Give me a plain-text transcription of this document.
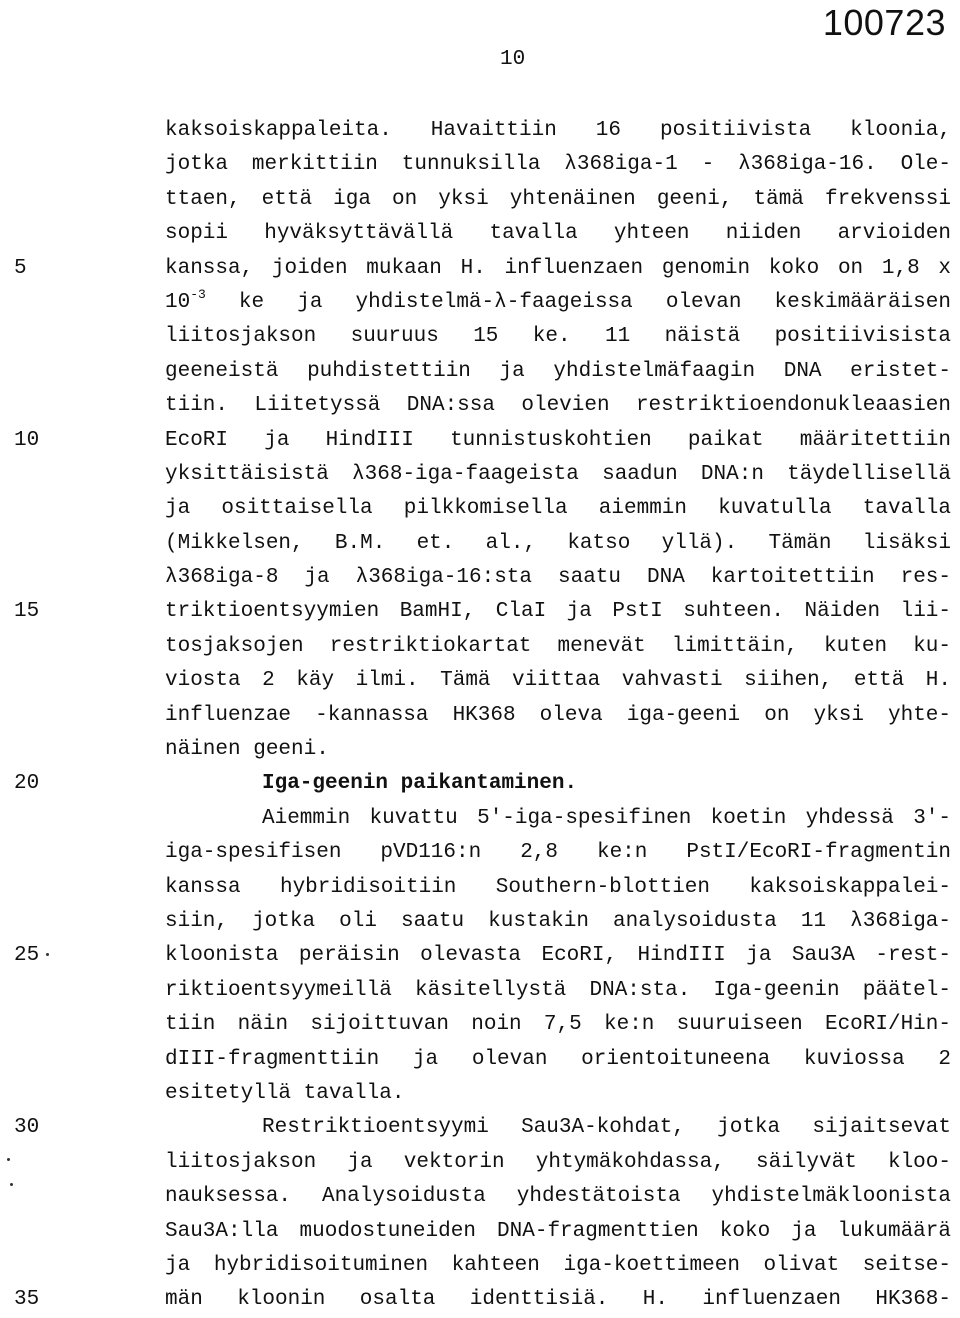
100723
10
kaksoiskappaleita. Havaittiin 16 positiivista kloonia,
jotka merkittiin tunnuksilla λ368iga-1 - λ368iga-16. Ole-
ttaen, että iga on yksi yhtenäinen geeni, tämä frekvenssi
sopii hyväksyttävällä tavalla yhteen niiden arvioiden
5	kanssa, joiden mukaan H. influenzaen genomin koko on 1,8 x
$10^{-3}$ ke ja yhdistelmä-λ-faageissa olevan keskimääräisen
liitosjakson suuruus 15 ke. 11 näistä positiivisista
geeneistä puhdistettiin ja yhdistelmäfaagin DNA eristet-
tiin. Liitetyssä DNA:ssa olevien restriktioendonukleaasien
10	EcoRI ja HindIII tunnistuskohtien paikat määritettiin
yksittäisistä λ368-iga-faageista saadun DNA:n täydellisellä
ja osittaisella pilkkomisella aiemmin kuvatulla tavalla
(Mikkelsen, B.M. et. al., katso yllä). Tämän lisäksi
λ368iga-8 ja λ368iga-16:sta saatu DNA kartoitettiin res-
15	triktioentsyymien BamHI, ClaI ja PstI suhteen. Näiden lii-
tosjaksojen restriktiokartat menevät limittäin, kuten ku-
viosta 2 käy ilmi. Tämä viittaa vahvasti siihen, että H.
influenzae -kannassa HK368 oleva iga-geeni on yksi yhte-
näinen geeni.
20	Iga-geenin paikantaminen.
Aiemmin kuvattu 5'-iga-spesifinen koetin yhdessä 3'-
iga-spesifisen pVD116:n 2,8 ke:n PstI/EcoRI-fragmentin
kanssa hybridisoitiin Southern-blottien kaksoiskappalei-
siin, jotka oli saatu kustakin analysoidusta 11 λ368iga-
25	kloonista peräisin olevasta EcoRI, HindIII ja Sau3A -rest-
riktioentsyymeillä käsitellystä DNA:sta. Iga-geenin päätel-
tiin näin sijoittuvan noin 7,5 ke:n suuruiseen EcoRI/Hin-
dIII-fragmenttiin ja olevan orientoituneena kuviossa 2
esitetyllä tavalla.
30	Restriktioentsyymi Sau3A-kohdat, jotka sijaitsevat
liitosjakson ja vektorin yhtymäkohdassa, säilyvät kloo-
nauksessa. Analysoidusta yhdestätoista yhdistelmäkloonista
Sau3A:lla muodostuneiden DNA-fragmenttien koko ja lukumäärä
ja hybridisoituminen kahteen iga-koettimeen olivat seitse-
35	män kloonin osalta identtisiä. H. influenzaen HK368-
